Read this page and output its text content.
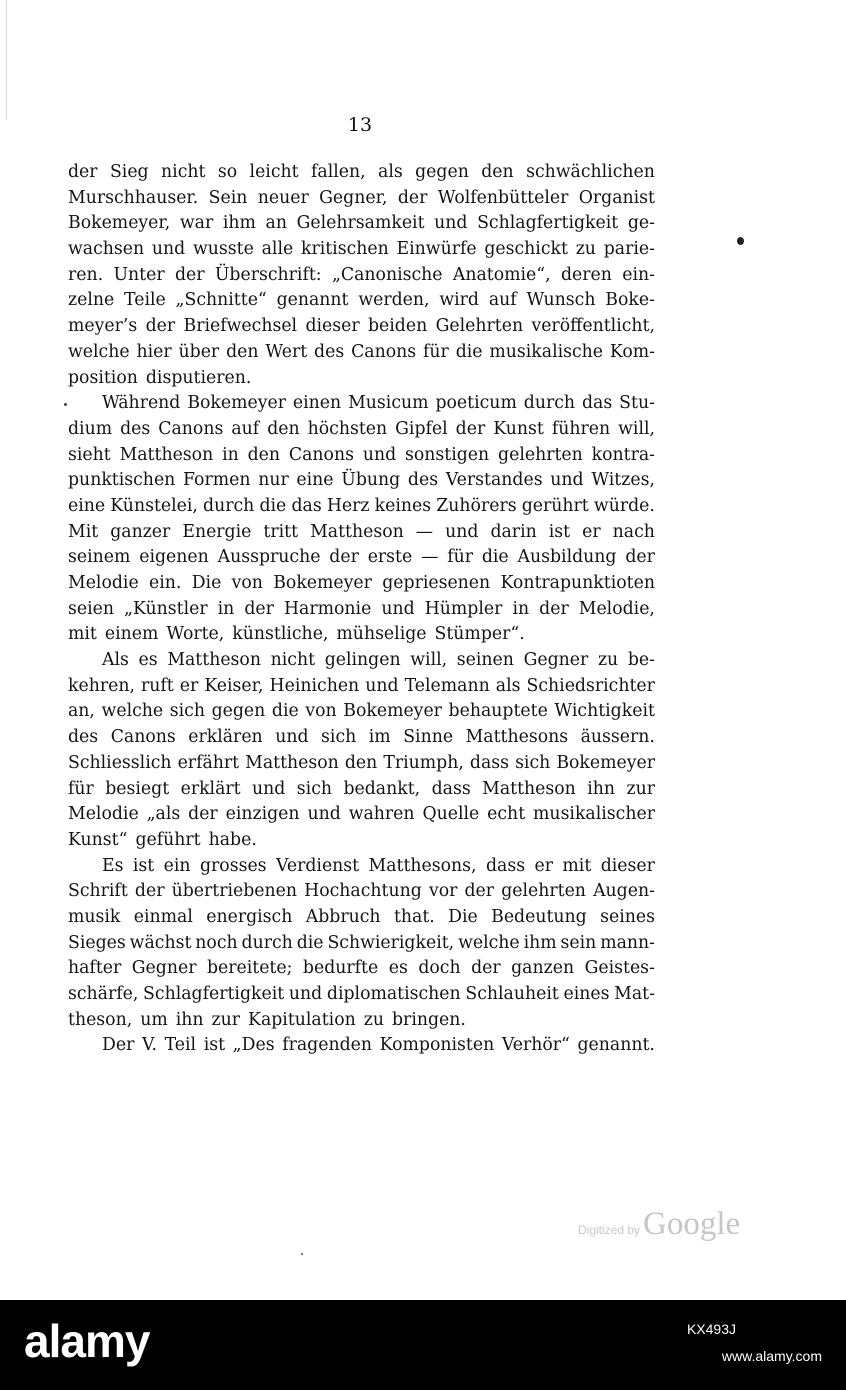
13
der Sieg nicht so leicht fallen, als gegen den schwächlichen
Murschhauser. Sein neuer Gegner, der Wolfenbütteler Organist
Bokemeyer, war ihm an Gelehrsamkeit und Schlagfertigkeit ge-
wachsen und wusste alle kritischen Einwürfe geschickt zu parie-
ren. Unter der Überschrift: „Canonische Anatomie“, deren ein-
zelne Teile „Schnitte“ genannt werden, wird auf Wunsch Boke-
meyer’s der Briefwechsel dieser beiden Gelehrten veröffentlicht,
welche hier über den Wert des Canons für die musikalische Kom-
position disputieren.
Während Bokemeyer einen Musicum poeticum durch das Stu-
dium des Canons auf den höchsten Gipfel der Kunst führen will,
sieht Mattheson in den Canons und sonstigen gelehrten kontra-
punktischen Formen nur eine Übung des Verstandes und Witzes,
eine Künstelei, durch die das Herz keines Zuhörers gerührt würde.
Mit ganzer Energie tritt Mattheson — und darin ist er nach
seinem eigenen Ausspruche der erste — für die Ausbildung der
Melodie ein. Die von Bokemeyer gepriesenen Kontrapunktioten
seien „Künstler in der Harmonie und Hümpler in der Melodie,
mit einem Worte, künstliche, mühselige Stümper“.
Als es Mattheson nicht gelingen will, seinen Gegner zu be-
kehren, ruft er Keiser, Heinichen und Telemann als Schiedsrichter
an, welche sich gegen die von Bokemeyer behauptete Wichtigkeit
des Canons erklären und sich im Sinne Matthesons äussern.
Schliesslich erfährt Mattheson den Triumph, dass sich Bokemeyer
für besiegt erklärt und sich bedankt, dass Mattheson ihn zur
Melodie „als der einzigen und wahren Quelle echt musikalischer
Kunst“ geführt habe.
Es ist ein grosses Verdienst Matthesons, dass er mit dieser
Schrift der übertriebenen Hochachtung vor der gelehrten Augen-
musik einmal energisch Abbruch that. Die Bedeutung seines
Sieges wächst noch durch die Schwierigkeit, welche ihm sein mann-
hafter Gegner bereitete; bedurfte es doch der ganzen Geistes-
schärfe, Schlagfertigkeit und diplomatischen Schlauheit eines Mat-
theson, um ihn zur Kapitulation zu bringen.
Der V. Teil ist „Des fragenden Komponisten Verhör“ genannt.
Digitized by Google
alamy	KX493J
www.alamy.com
